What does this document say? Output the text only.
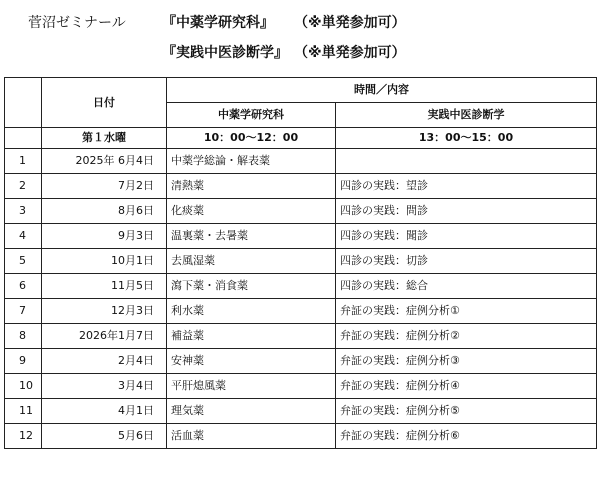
菅沼ゼミナール	『中薬学研究科』 （※単発参加可）
『実践中医診断学』 （※単発参加可）
	日付	時間／内容	
		中薬学研究科	実践中医診断学
	第１水曜	10：00〜12：00	13：00〜15：00
1	2025年 6月4日	中薬学総論・解表薬	
2	7月2日	清熱薬	四診の実践：望診
3	8月6日	化痰薬	四診の実践：問診
4	9月3日	温裏薬・去暑薬	四診の実践：聞診
5	10月1日	去風湿薬	四診の実践：切診
6	11月5日	瀉下薬・消食薬	四診の実践：総合
7	12月3日	利水薬	弁証の実践：症例分析①
8	2026年1月7日	補益薬	弁証の実践：症例分析②
9	2月4日	安神薬	弁証の実践：症例分析③
10	3月4日	平肝熄風薬	弁証の実践：症例分析④
11	4月1日	理気薬	弁証の実践：症例分析⑤
12	5月6日	活血薬	弁証の実践：症例分析⑥
